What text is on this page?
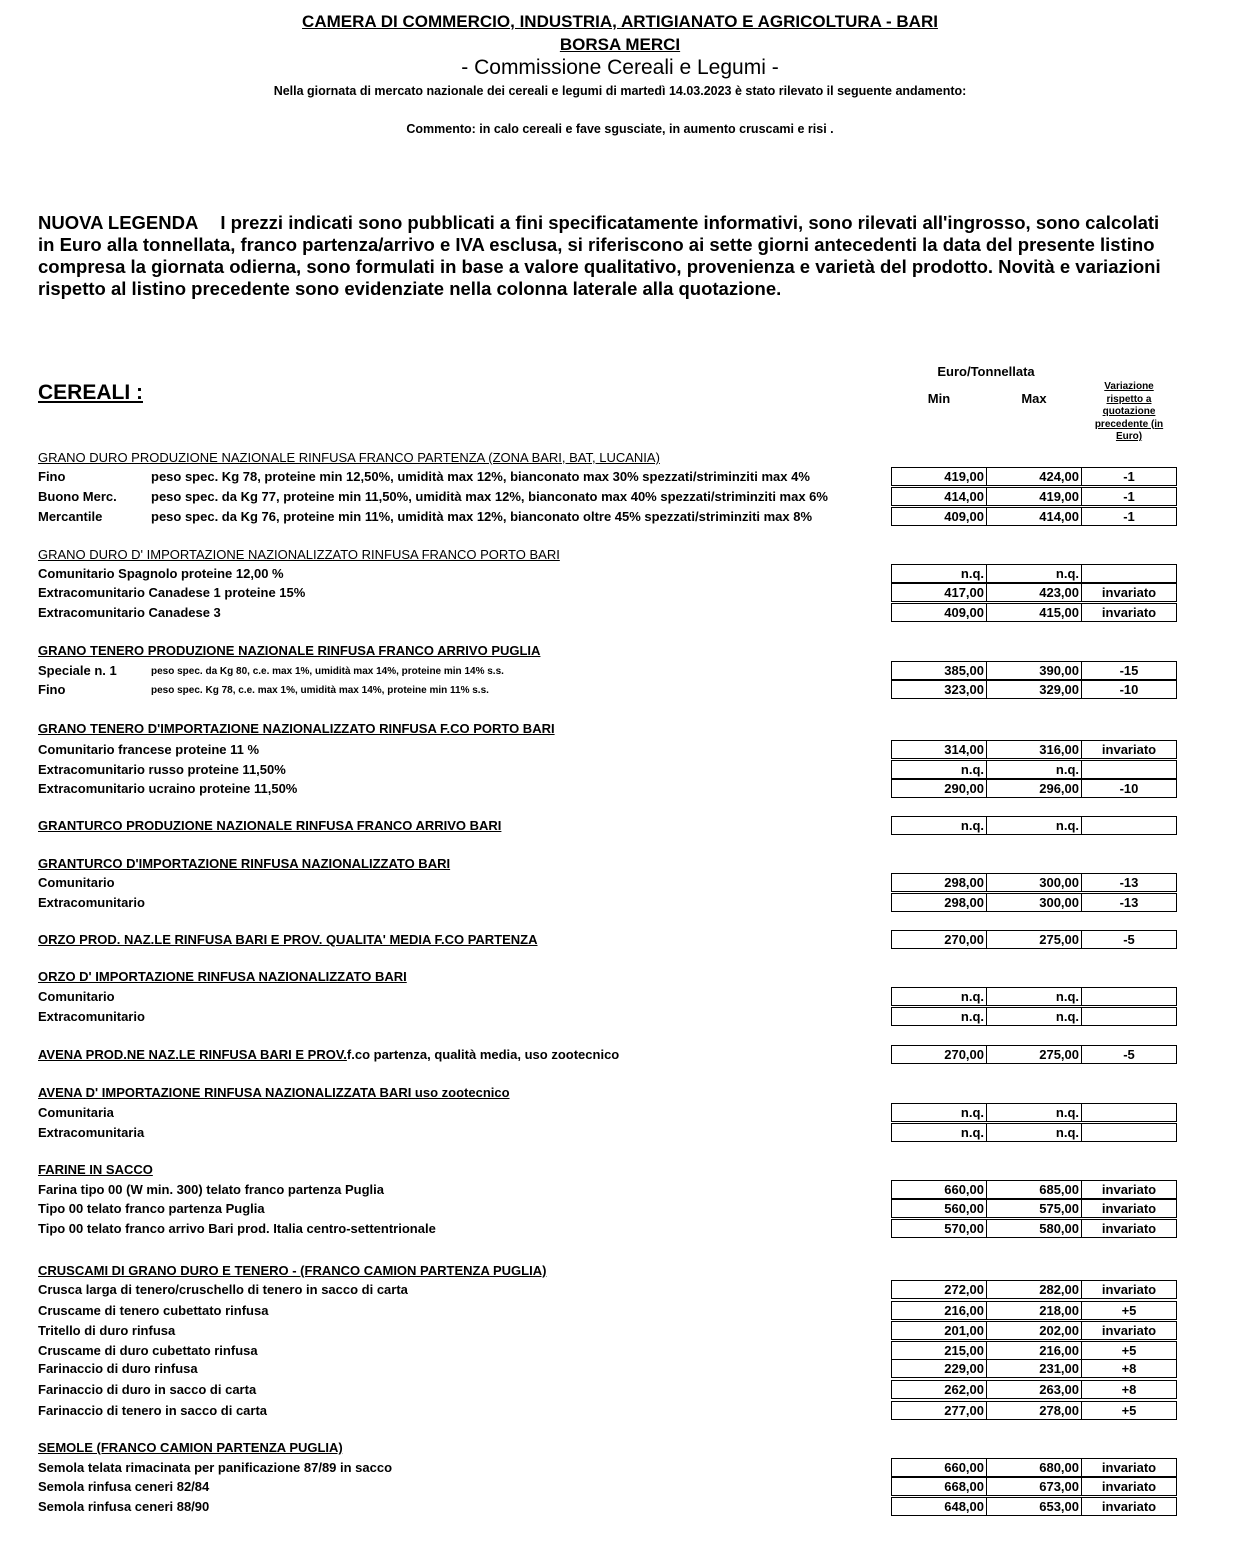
CAMERA DI COMMERCIO, INDUSTRIA, ARTIGIANATO E AGRICOLTURA - BARI
BORSA MERCI
- Commissione Cereali e Legumi -
Nella giornata di mercato nazionale dei cereali e legumi di martedì 14.03.2023 è stato rilevato il seguente andamento:
Commento: in calo cereali e fave sgusciate, in aumento cruscami e risi .
NUOVA LEGENDA I prezzi indicati sono pubblicati a fini specificatamente informativi, sono rilevati all'ingrosso, sono calcolati in Euro alla tonnellata, franco partenza/arrivo e IVA esclusa, si riferiscono ai sette giorni antecedenti la data del presente listino compresa la giornata odierna, sono formulati in base a valore qualitativo, provenienza e varietà del prodotto. Novità e variazioni rispetto al listino precedente sono evidenziate nella colonna laterale alla quotazione.
CEREALI :
Euro/Tonnellata
Min	Max
Variazione rispetto a quotazione precedente (in Euro)
GRANO DURO PRODUZIONE NAZIONALE RINFUSA FRANCO PARTENZA (ZONA BARI, BAT, LUCANIA)
Fino	peso spec. Kg 78, proteine min 12,50%, umidità max 12%, bianconato max 30% spezzati/striminziti max 4%	419,00	424,00	-1
Buono Merc.	peso spec. da Kg 77, proteine min 11,50%, umidità max 12%, bianconato max 40% spezzati/striminziti max 6%	414,00	419,00	-1
Mercantile	peso spec. da Kg 76, proteine min 11%, umidità max 12%, bianconato oltre 45% spezzati/striminziti max 8%	409,00	414,00	-1
GRANO DURO D' IMPORTAZIONE NAZIONALIZZATO RINFUSA FRANCO PORTO BARI
Comunitario Spagnolo proteine 12,00 %	n.q.	n.q.
Extracomunitario Canadese 1 proteine 15%	417,00	423,00	invariato
Extracomunitario Canadese 3	409,00	415,00	invariato
GRANO TENERO PRODUZIONE NAZIONALE RINFUSA FRANCO ARRIVO PUGLIA
Speciale n. 1	peso spec. da Kg 80, c.e. max 1%, umidità max 14%, proteine min 14% s.s.	385,00	390,00	-15
Fino	peso spec. Kg 78, c.e. max 1%, umidità max 14%, proteine min 11% s.s.	323,00	329,00	-10
GRANO TENERO D'IMPORTAZIONE NAZIONALIZZATO RINFUSA F.CO PORTO BARI
Comunitario francese proteine 11 %	314,00	316,00	invariato
Extracomunitario russo proteine 11,50%	n.q.	n.q.
Extracomunitario ucraino proteine 11,50%	290,00	296,00	-10
GRANTURCO PRODUZIONE NAZIONALE RINFUSA FRANCO ARRIVO BARI	n.q.	n.q.
GRANTURCO D'IMPORTAZIONE RINFUSA NAZIONALIZZATO BARI
Comunitario	298,00	300,00	-13
Extracomunitario	298,00	300,00	-13
ORZO PROD. NAZ.LE RINFUSA BARI E PROV. QUALITA' MEDIA F.CO PARTENZA	270,00	275,00	-5
ORZO D' IMPORTAZIONE RINFUSA NAZIONALIZZATO BARI
Comunitario	n.q.	n.q.
Extracomunitario	n.q.	n.q.
AVENA PROD.NE NAZ.LE RINFUSA BARI E PROV.f.co partenza, qualità media, uso zootecnico	270,00	275,00	-5
AVENA D' IMPORTAZIONE RINFUSA NAZIONALIZZATA BARI uso zootecnico
Comunitaria	n.q.	n.q.
Extracomunitaria	n.q.	n.q.
FARINE IN SACCO
Farina tipo 00 (W min. 300) telato franco partenza Puglia	660,00	685,00	invariato
Tipo 00 telato franco partenza Puglia	560,00	575,00	invariato
Tipo 00 telato franco arrivo Bari prod. Italia centro-settentrionale	570,00	580,00	invariato
CRUSCAMI DI GRANO DURO E TENERO - (FRANCO CAMION PARTENZA PUGLIA)
Crusca larga di tenero/cruschello di tenero in sacco di carta	272,00	282,00	invariato
Cruscame di tenero cubettato rinfusa	216,00	218,00	+5
Tritello di duro rinfusa	201,00	202,00	invariato
Cruscame di duro cubettato rinfusa	215,00	216,00	+5
Farinaccio di duro rinfusa	229,00	231,00	+8
Farinaccio di duro in sacco di carta	262,00	263,00	+8
Farinaccio di tenero in sacco di carta	277,00	278,00	+5
SEMOLE (FRANCO CAMION PARTENZA PUGLIA)
Semola telata rimacinata per panificazione 87/89 in sacco	660,00	680,00	invariato
Semola rinfusa ceneri 82/84	668,00	673,00	invariato
Semola rinfusa ceneri 88/90	648,00	653,00	invariato
